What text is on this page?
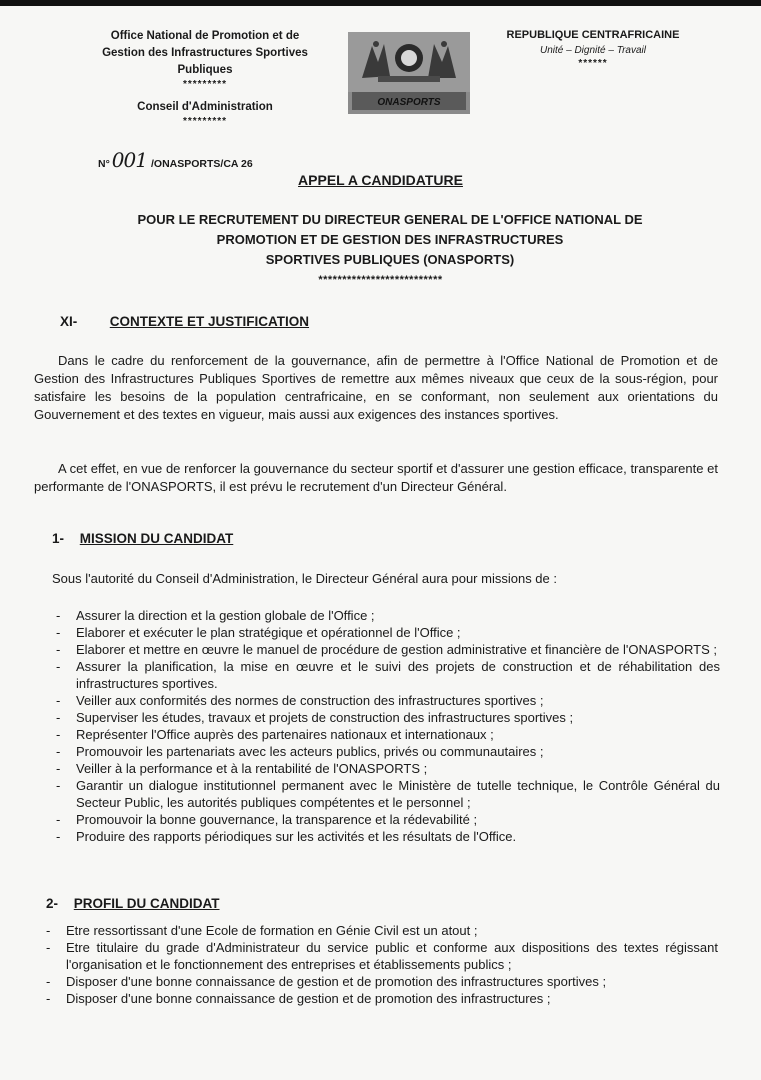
Office National de Promotion et de
Gestion des Infrastructures Sportives
Publiques
*********
Conseil d'Administration
*********
N° 001 /ONASPORTS/CA 26
ONASPORTS
REPUBLIQUE CENTRAFRICAINE
Unité – Dignité – Travail
******
APPEL A CANDIDATURE
POUR LE RECRUTEMENT DU DIRECTEUR GENERAL DE L'OFFICE NATIONAL DE
PROMOTION ET DE GESTION DES INFRASTRUCTURES
SPORTIVES PUBLIQUES (ONASPORTS)
**************************
XI- CONTEXTE ET JUSTIFICATION
Dans le cadre du renforcement de la gouvernance, afin de permettre à l'Office National de Promotion et de Gestion des Infrastructures Publiques Sportives de remettre aux mêmes niveaux que ceux de la sous-région, pour satisfaire les besoins de la population centrafricaine, en se conformant, non seulement aux orientations du Gouvernement et des textes en vigueur, mais aussi aux exigences des instances sportives.
A cet effet, en vue de renforcer la gouvernance du secteur sportif et d'assurer une gestion efficace, transparente et performante de l'ONASPORTS, il est prévu le recrutement d'un Directeur Général.
1- MISSION DU CANDIDAT
Sous l'autorité du Conseil d'Administration, le Directeur Général aura pour missions de :
-	Assurer la direction et la gestion globale de l'Office ;
-	Elaborer et exécuter le plan stratégique et opérationnel de l'Office ;
-	Elaborer et mettre en œuvre le manuel de procédure de gestion administrative et financière de l'ONASPORTS ;
-	Assurer la planification, la mise en œuvre et le suivi des projets de construction et de réhabilitation des infrastructures sportives.
-	Veiller aux conformités des normes de construction des infrastructures sportives ;
-	Superviser les études, travaux et projets de construction des infrastructures sportives ;
-	Représenter l'Office auprès des partenaires nationaux et internationaux ;
-	Promouvoir les partenariats avec les acteurs publics, privés ou communautaires ;
-	Veiller à la performance et à la rentabilité de l'ONASPORTS ;
-	Garantir un dialogue institutionnel permanent avec le Ministère de tutelle technique, le Contrôle Général du Secteur Public, les autorités publiques compétentes et le personnel ;
-	Promouvoir la bonne gouvernance, la transparence et la rédevabilité ;
-	Produire des rapports périodiques sur les activités et les résultats de l'Office.
2- PROFIL DU CANDIDAT
-	Etre ressortissant d'une Ecole de formation en Génie Civil est un atout ;
-	Etre titulaire du grade d'Administrateur du service public et conforme aux dispositions des textes régissant l'organisation et le fonctionnement des entreprises et établissements publics ;
-	Disposer d'une bonne connaissance de gestion et de promotion des infrastructures sportives ;
-	Disposer d'une bonne connaissance de gestion et de promotion des infrastructures ;
